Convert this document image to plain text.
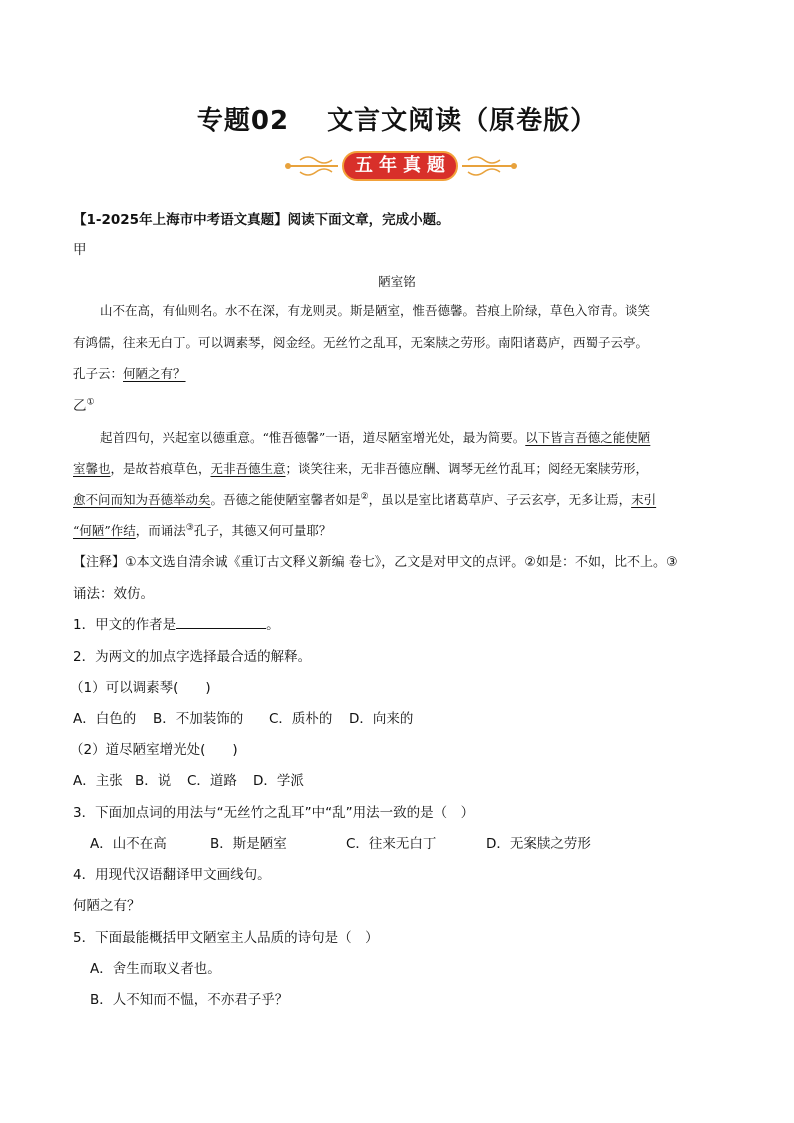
专题02 文言文阅读（原卷版）
五年真题
【1-2025年上海市中考语文真题】阅读下面文章，完成小题。
甲
陋室铭
山不在高，有仙则名。水不在深，有龙则灵。斯是陋室，惟吾德馨。苔痕上阶绿，草色入帘青。谈笑
有鸿儒，往来无白丁。可以调素琴，阅金经。无丝竹之乱耳，无案牍之劳形。南阳诸葛庐，西蜀子云亭。
孔子云：何陋之有？
乙①
起首四句，兴起室以德重意。“惟吾德馨”一语，道尽陋室增光处，最为简要。以下皆言吾德之能使陋
室馨也，是故苔痕草色，无非吾德生意；谈笑往来，无非吾德应酬、调琴无丝竹乱耳；阅经无案牍劳形，
愈不问而知为吾德举动矣。吾德之能使陋室馨者如是②，虽以是室比诸葛草庐、子云玄亭，无多让焉，末引
“何陋”作结，而诵法③孔子，其德又何可量耶？
【注释】①本文选自清余诚《重订古文释义新编 卷七》，乙文是对甲文的点评。②如是：不如，比不上。③
诵法：效仿。
1．甲文的作者是	。
2．为两文的加点字选择最合适的解释。
（1）可以调素琴(　　)
A．白色的 B．不加装饰的 C．质朴的 D．向来的
（2）道尽陋室增光处(　　)
A．主张 B．说 C．道路 D．学派
3．下面加点词的用法与“无丝竹之乱耳”中“乱”用法一致的是（　）
A．山不在高	B．斯是陋室	C．往来无白丁	D．无案牍之劳形
4．用现代汉语翻译甲文画线句。
何陋之有？
5．下面最能概括甲文陋室主人品质的诗句是（　）
A．舍生而取义者也。
B．人不知而不愠，不亦君子乎？
